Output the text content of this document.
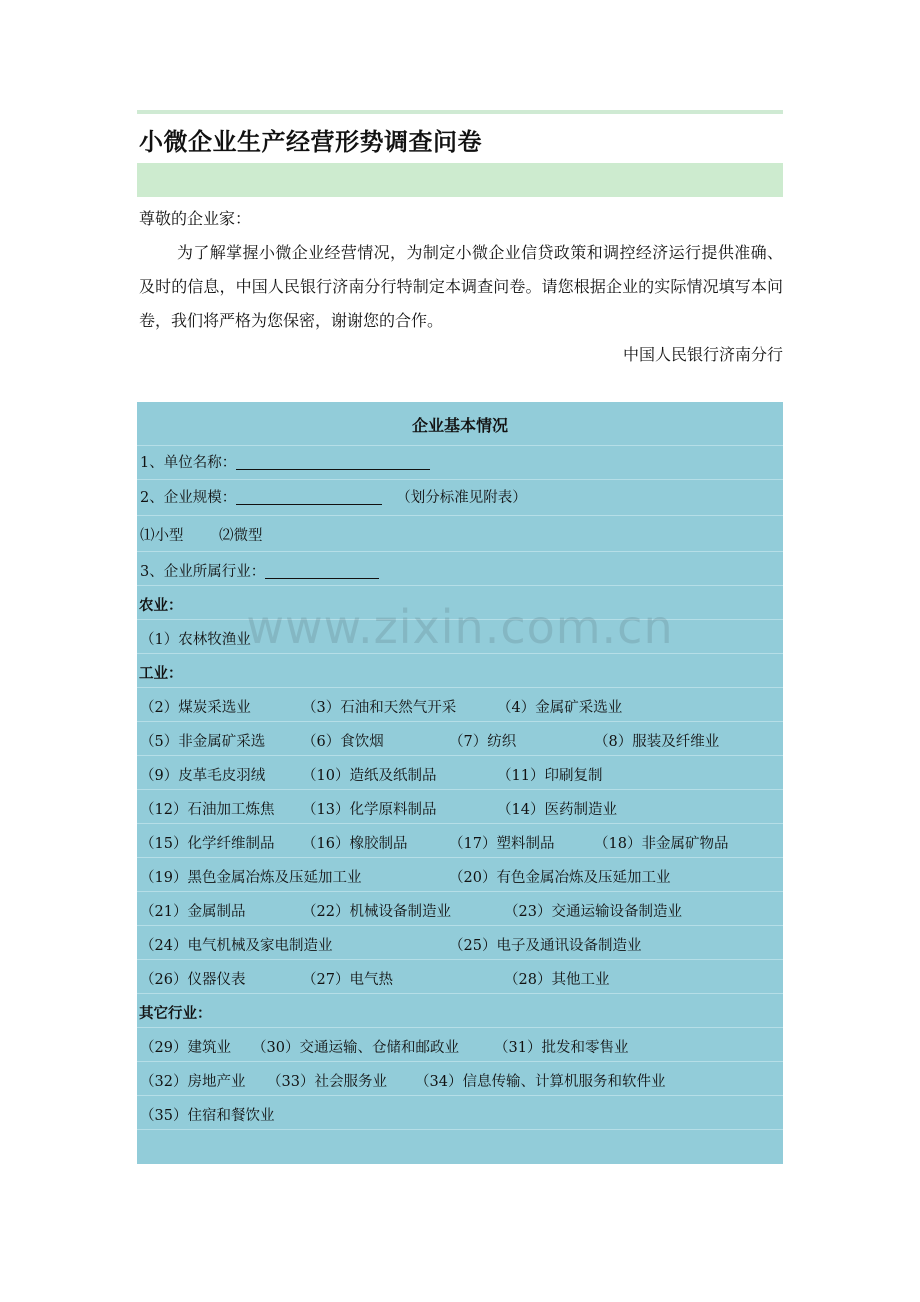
小微企业生产经营形势调查问卷
尊敬的企业家：
为了解掌握小微企业经营情况，为制定小微企业信贷政策和调控经济运行提供准确、及时的信息，中国人民银行济南分行特制定本调查问卷。请您根据企业的实际情况填写本问卷，我们将严格为您保密，谢谢您的合作。
中国人民银行济南分行
企业基本情况
1、单位名称：
2、企业规模：	（划分标准见附表）
⑴小型 ⑵微型
3、企业所属行业：
农业：
（1）农林牧渔业
工业：
（2）煤炭采选业	（3）石油和天然气开采	（4）金属矿采选业
（5）非金属矿采选	（6）食饮烟	（7）纺织	（8）服装及纤维业
（9）皮革毛皮羽绒	（10）造纸及纸制品	（11）印刷复制
（12）石油加工炼焦 （13）化学原料制品	（14）医药制造业
（15）化学纤维制品 （16）橡胶制品	（17）塑料制品	（18）非金属矿物品
（19）黑色金属冶炼及压延加工业	（20）有色金属冶炼及压延加工业
（21）金属制品	（22）机械设备制造业	（23）交通运输设备制造业
（24）电气机械及家电制造业	（25）电子及通讯设备制造业
（26）仪器仪表	（27）电气热	（28）其他工业
其它行业：
（29）建筑业 （30）交通运输、仓储和邮政业 （31）批发和零售业
（32）房地产业 （33）社会服务业 （34）信息传输、计算机服务和软件业
（35）住宿和餐饮业
www.zixin.com.cn
